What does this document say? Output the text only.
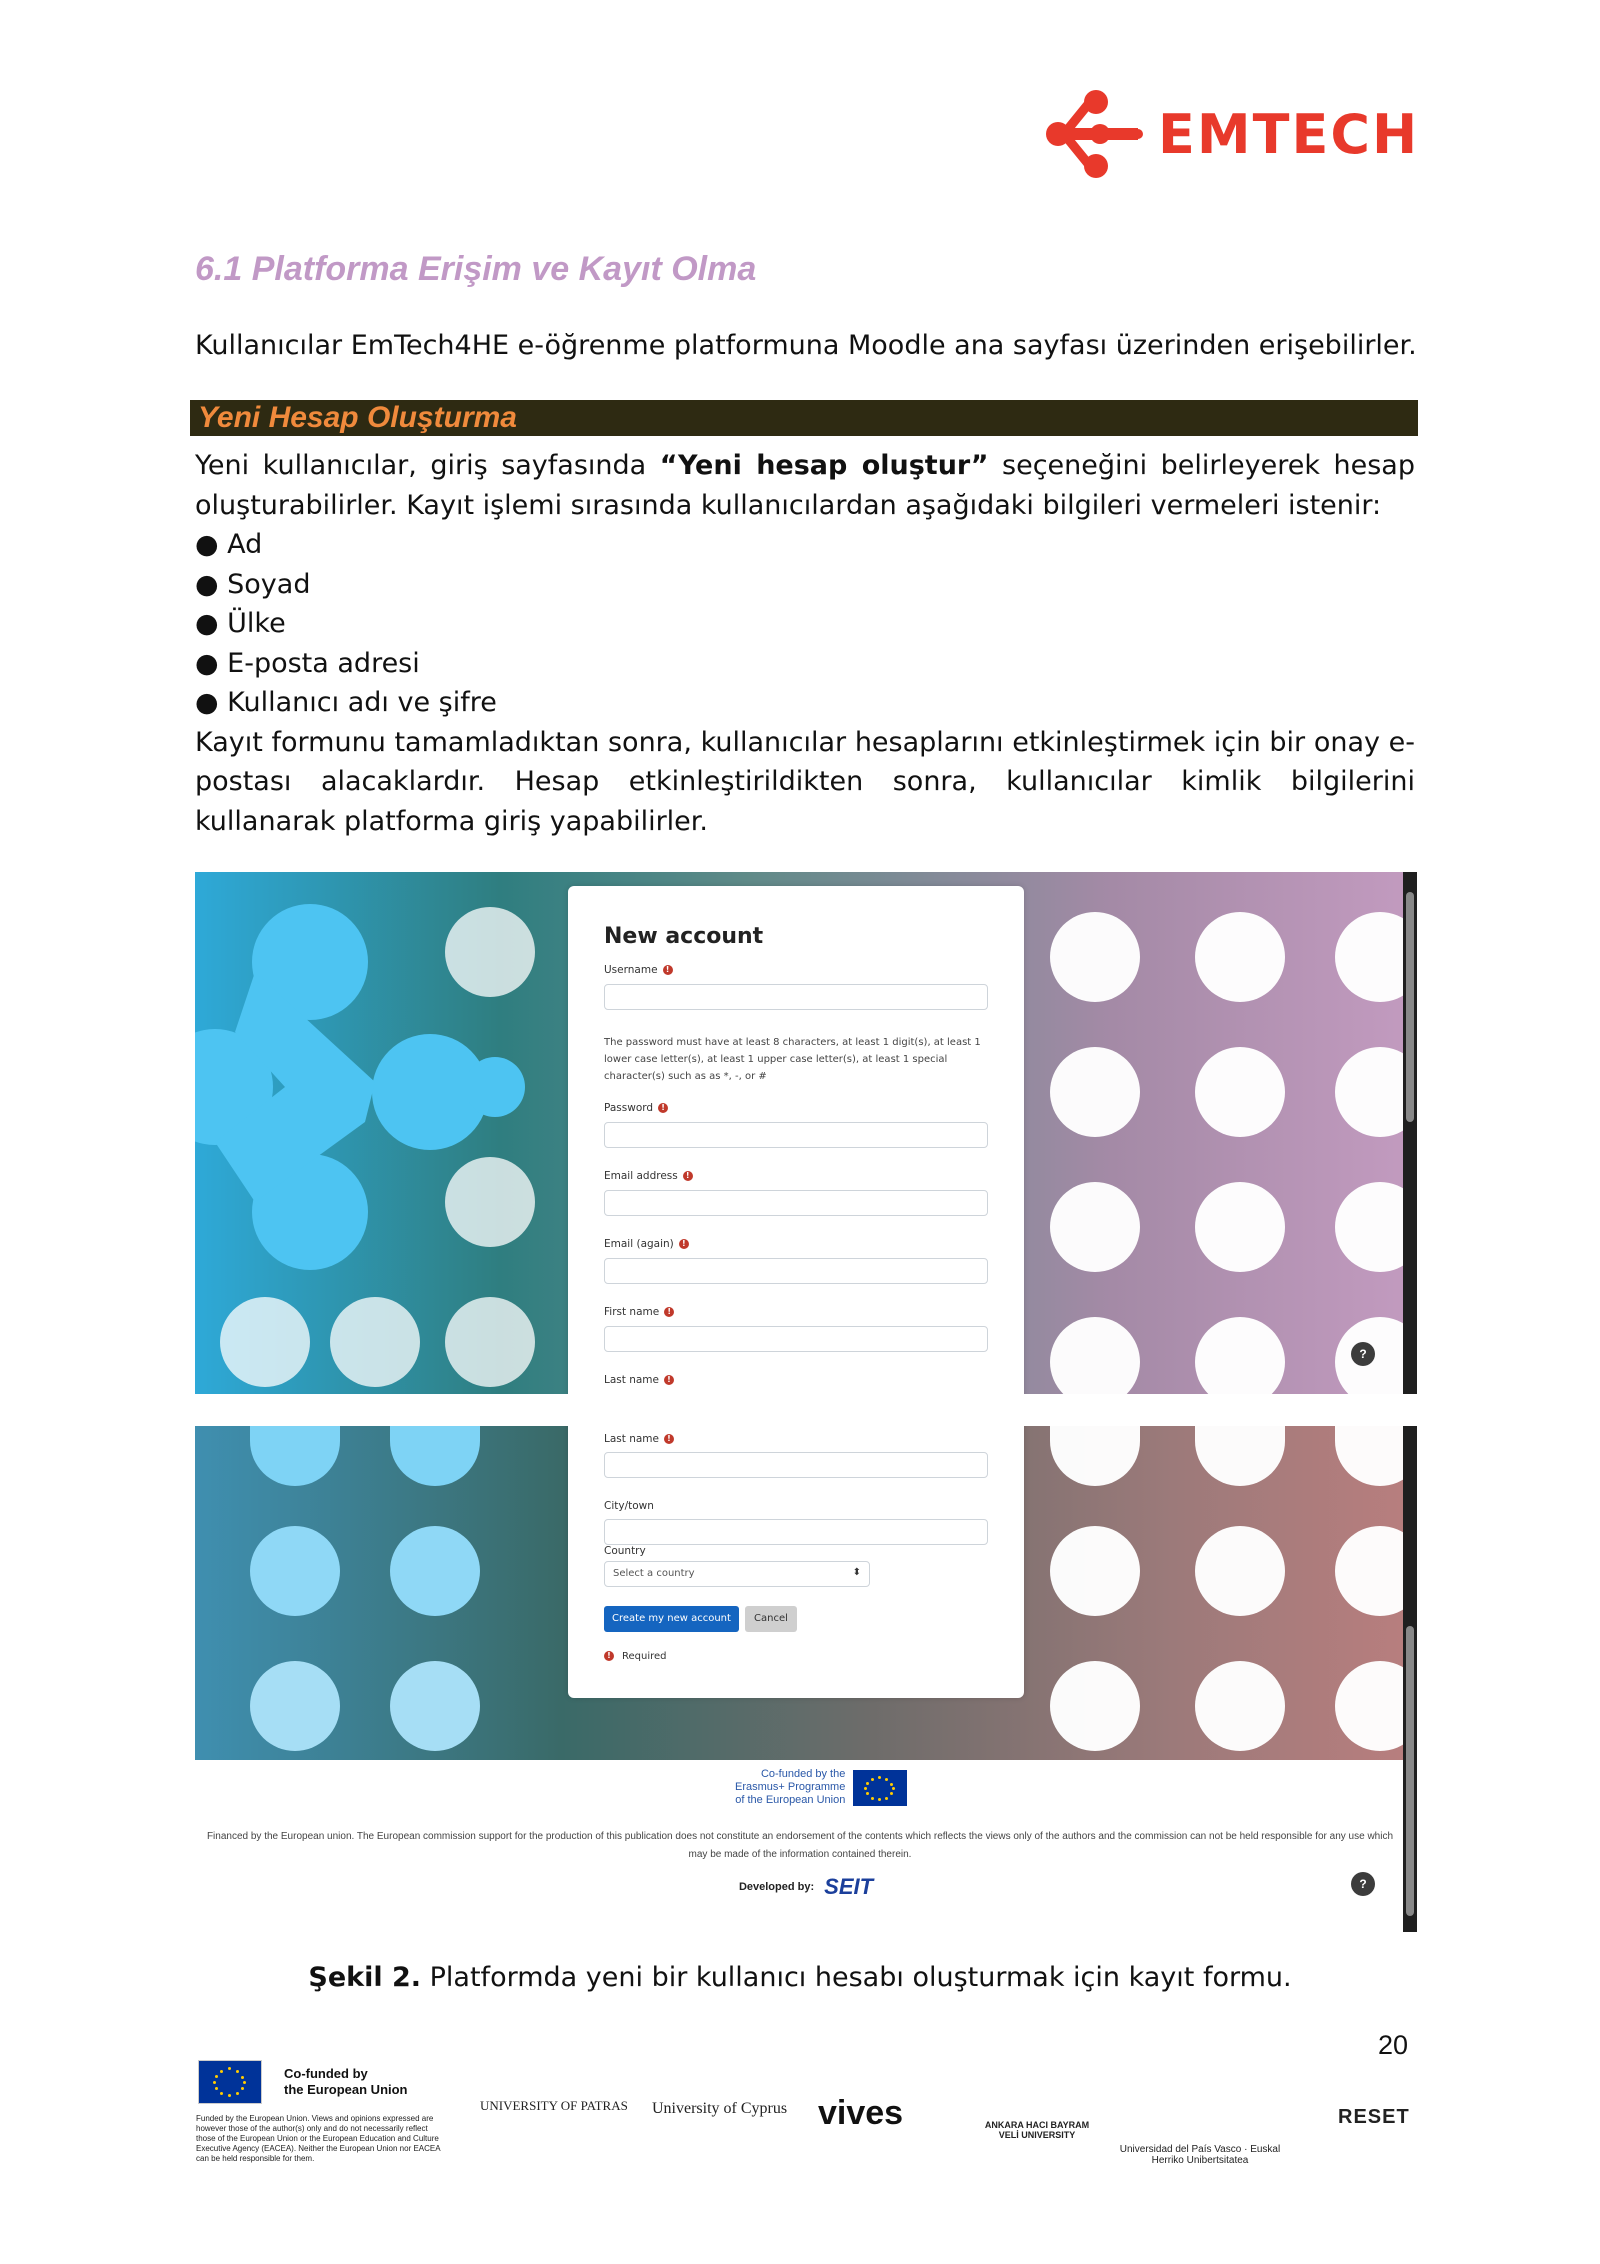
EMTECH
6.1 Platforma Erişim ve Kayıt Olma
Kullanıcılar EmTech4HE e-öğrenme platformuna Moodle ana sayfası üzerinden erişebilirler.
Yeni Hesap Oluşturma

Yeni kullanıcılar, giriş sayfasında “Yeni hesap oluştur” seçeneğini belirleyerek hesap oluşturabilirler. Kayıt işlemi sırasında kullanıcılardan aşağıdaki bilgileri vermeleri istenir:

● Ad
● Soyad
● Ülke
● E-posta adresi
● Kullanıcı adı ve şifre

Kayıt formunu tamamladıktan sonra, kullanıcılar hesaplarını etkinleştirmek için bir onay e-postası alacaklardır. Hesap etkinleştirildikten sonra, kullanıcılar kimlik bilgilerini kullanarak platforma giriş yapabilirler.

New account
Username !
The password must have at least 8 characters, at least 1 digit(s), at least 1 lower case letter(s), at least 1 upper case letter(s), at least 1 special character(s) such as as *, -, or #
Password !
Email address !
Email (again) !
First name !
Last name !
?
Last name !
City/town
Country
Select a country	⬍
Create my new account	Cancel
! Required
Co-funded by the
Erasmus+ Programme
of the European Union
Financed by the European union. The European commission support for the production of this publication does not constitute an endorsement of the contents which reflects the views only of the authors and the commission can not be held responsible for any use which may be made of the information contained therein.
Developed by: SEIT	?
Şekil 2. Platformda yeni bir kullanıcı hesabı oluşturmak için kayıt formu.
20
Co-funded by
the European Union
Funded by the European Union. Views and opinions expressed are however those of the author(s) only and do not necessarily reflect those of the European Union or the European Education and Culture Executive Agency (EACEA). Neither the European Union nor EACEA can be held responsible for them.
UNIVERSITY OF PATRAS University of Cyprus vives	ANKARA HACI BAYRAM VELİ UNIVERSITY
Universidad del País Vasco · Euskal Herriko Unibertsitatea
RESET
